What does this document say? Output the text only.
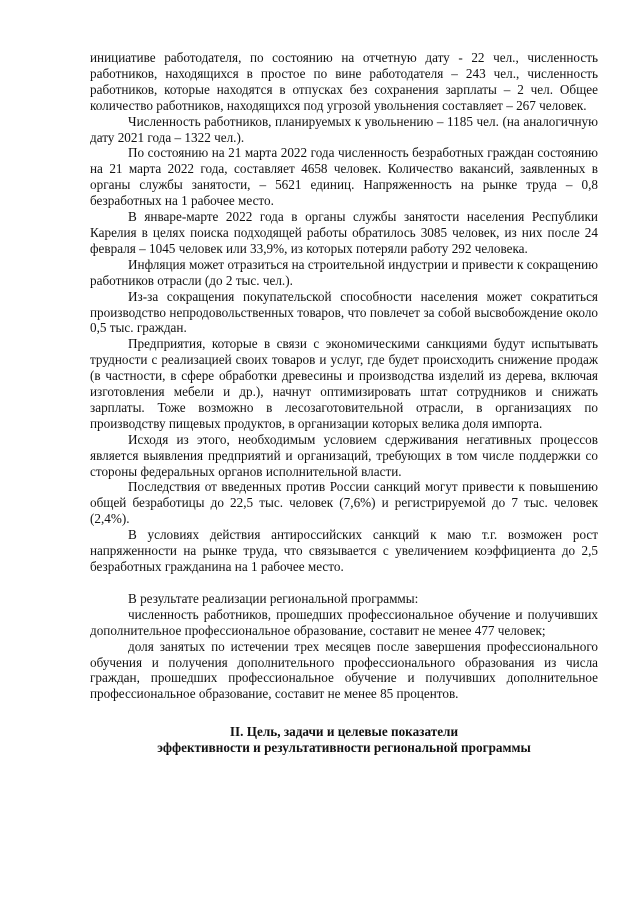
инициативе работодателя, по состоянию на отчетную дату - 22 чел., численность работников, находящихся в простое по вине работодателя – 243 чел., численность работников, которые находятся в отпусках без сохранения зарплаты – 2 чел. Общее количество работников, находящихся под угрозой увольнения составляет – 267 человек.

Численность работников, планируемых к увольнению – 1185 чел. (на аналогичную дату 2021 года – 1322 чел.).

По состоянию на 21 марта 2022 года численность безработных граждан состоянию на 21 марта 2022 года, составляет 4658 человек. Количество вакансий, заявленных в органы службы занятости, – 5621 единиц. Напряженность на рынке труда – 0,8 безработных на 1 рабочее место.

В январе-марте 2022 года в органы службы занятости населения Республики Карелия в целях поиска подходящей работы обратилось 3085 человек, из них после 24 февраля – 1045 человек или 33,9%, из которых потеряли работу 292 человека.

Инфляция может отразиться на строительной индустрии и привести к сокращению работников отрасли (до 2 тыс. чел.).

Из-за сокращения покупательской способности населения может сократиться производство непродовольственных товаров, что повлечет за собой высвобождение около 0,5 тыс. граждан.

Предприятия, которые в связи с экономическими санкциями будут испытывать трудности с реализацией своих товаров и услуг, где будет происходить снижение продаж (в частности, в сфере обработки древесины и производства изделий из дерева, включая изготовления мебели и др.), начнут оптимизировать штат сотрудников и снижать зарплаты. Тоже возможно в лесозаготовительной отрасли, в организациях по производству пищевых продуктов, в организации которых велика доля импорта.

Исходя из этого, необходимым условием сдерживания негативных процессов является выявления предприятий и организаций, требующих в том числе поддержки со стороны федеральных органов исполнительной власти.

Последствия от введенных против России санкций могут привести к повышению общей безработицы до 22,5 тыс. человек (7,6%) и регистрируемой до 7 тыс. человек (2,4%).

В условиях действия антироссийских санкций к маю т.г. возможен рост напряженности на рынке труда, что связывается с увеличением коэффициента до 2,5 безработных гражданина на 1 рабочее место.

В результате реализации региональной программы:

численность работников, прошедших профессиональное обучение и получивших дополнительное профессиональное образование, составит не менее 477 человек;

доля занятых по истечении трех месяцев после завершения профессионального обучения и получения дополнительного профессионального образования из числа граждан, прошедших профессиональное обучение и получивших дополнительное профессиональное образование, составит не менее 85 процентов.

II. Цель, задачи и целевые показатели

эффективности и результативности региональной программы
